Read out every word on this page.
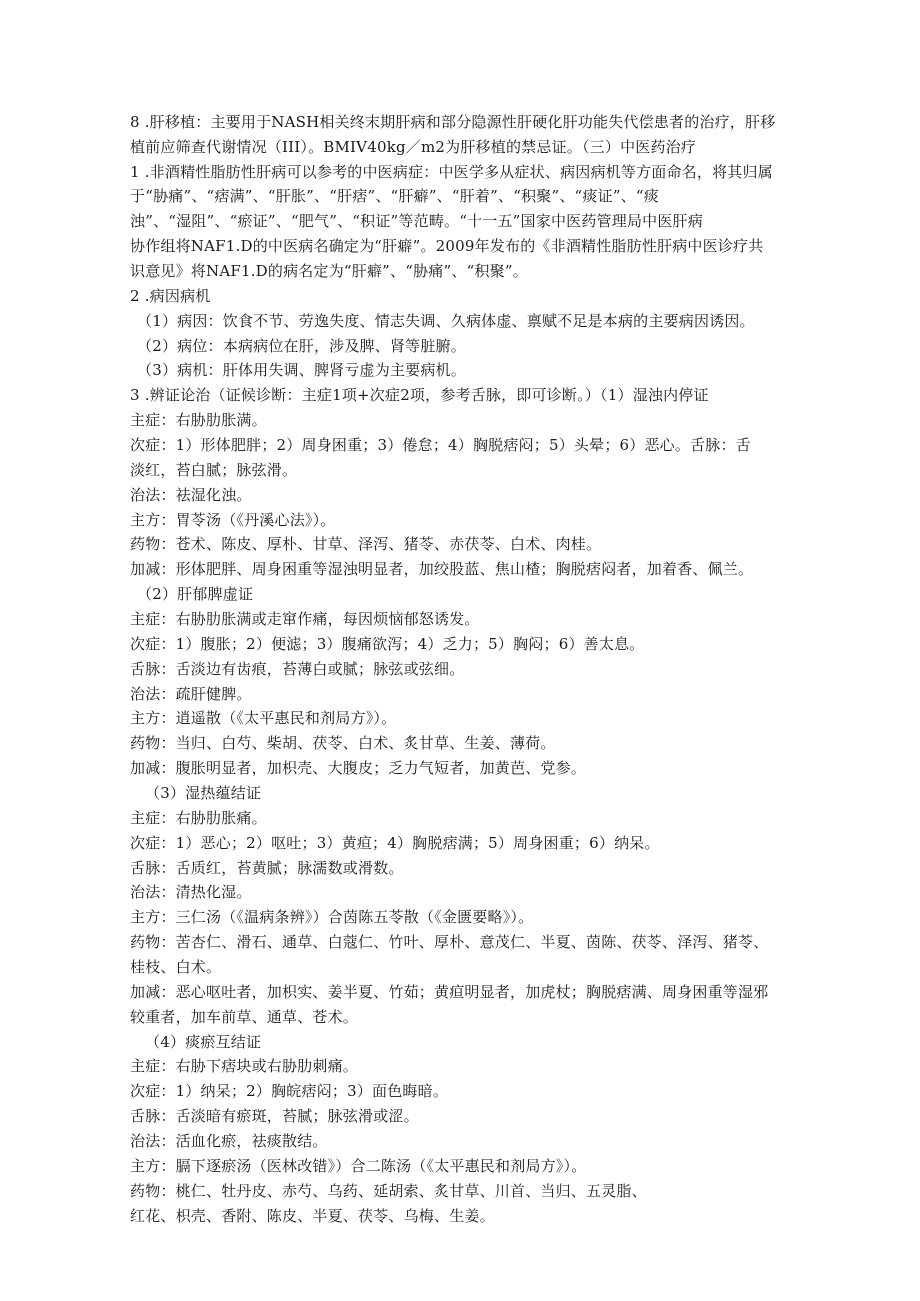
8 .肝移植：主要用于NASH相关终末期肝病和部分隐源性肝硬化肝功能失代偿患者的治疗，肝移
植前应筛查代谢情况（III）。BMIV40kg／m2为肝移植的禁忌证。（三）中医药治疗
1 .非酒精性脂肪性肝病可以参考的中医病症：中医学多从症状、病因病机等方面命名，将其归属
于“胁痛”、“痞满”、“肝胀”、“肝痞”、“肝癖”、“肝着”、“积聚”、“痰证”、“痰
浊”、“湿阻”、“瘀证”、“肥气”、“积证”等范畴。“十一五”国家中医药管理局中医肝病
协作组将NAF1.D的中医病名确定为“肝癖”。2009年发布的《非酒精性脂肪性肝病中医诊疗共
识意见》将NAF1.D的病名定为“肝癖”、“胁痛”、“积聚”。
2 .病因病机
（1）病因：饮食不节、劳逸失度、情志失调、久病体虚、禀赋不足是本病的主要病因诱因。
（2）病位：本病病位在肝，涉及脾、肾等脏腑。
（3）病机：肝体用失调、脾肾亏虚为主要病机。
3 .辨证论治（证候诊断：主症1项+次症2项，参考舌脉，即可诊断。）（1）湿浊内停证
主症：右胁肋胀满。
次症：1）形体肥胖；2）周身困重；3）倦怠；4）胸脱痞闷；5）头晕；6）恶心。舌脉：舌
淡红，苔白腻；脉弦滑。
治法：祛湿化浊。
主方：胃苓汤（《丹溪心法》）。
药物：苍术、陈皮、厚朴、甘草、泽泻、猪苓、赤茯苓、白术、肉桂。
加减：形体肥胖、周身困重等湿浊明显者，加绞股蓝、焦山楂；胸脱痞闷者，加着香、佩兰。
（2）肝郁脾虚证
主症：右胁肋胀满或走窜作痛，每因烦恼郁怒诱发。
次症：1）腹胀；2）便滤；3）腹痛欲泻；4）乏力；5）胸闷；6）善太息。
舌脉：舌淡边有齿痕，苔薄白或腻；脉弦或弦细。
治法：疏肝健脾。
主方：逍遥散（《太平惠民和剂局方》）。
药物：当归、白芍、柴胡、茯苓、白术、炙甘草、生姜、薄荷。
加减：腹胀明显者，加枳壳、大腹皮；乏力气短者，加黄芭、党参。
（3）湿热蕴结证
主症：右胁肋胀痛。
次症：1）恶心；2）呕吐；3）黄疸；4）胸脱痞满；5）周身困重；6）纳呆。
舌脉：舌质红，苔黄腻；脉濡数或滑数。
治法：清热化湿。
主方：三仁汤（《温病条辨》）合茵陈五苓散（《金匮要略》）。
药物：苦杏仁、滑石、通草、白蔻仁、竹叶、厚朴、意茂仁、半夏、茵陈、茯苓、泽泻、猪苓、
桂枝、白术。
加减：恶心呕吐者，加枳实、姜半夏、竹茹；黄疸明显者，加虎杖；胸脱痞满、周身困重等湿邪
较重者，加车前草、通草、苍术。
（4）痰瘀互结证
主症：右胁下痞块或右胁肋刺痛。
次症：1）纳呆；2）胸皖痞闷；3）面色晦暗。
舌脉：舌淡暗有瘀斑，苔腻；脉弦滑或涩。
治法：活血化瘀，祛痰散结。
主方：膈下逐瘀汤（医林改错》）合二陈汤（《太平惠民和剂局方》）。
药物：桃仁、牡丹皮、赤芍、乌药、延胡索、炙甘草、川首、当归、五灵脂、
红花、枳壳、香附、陈皮、半夏、茯苓、乌梅、生姜。
